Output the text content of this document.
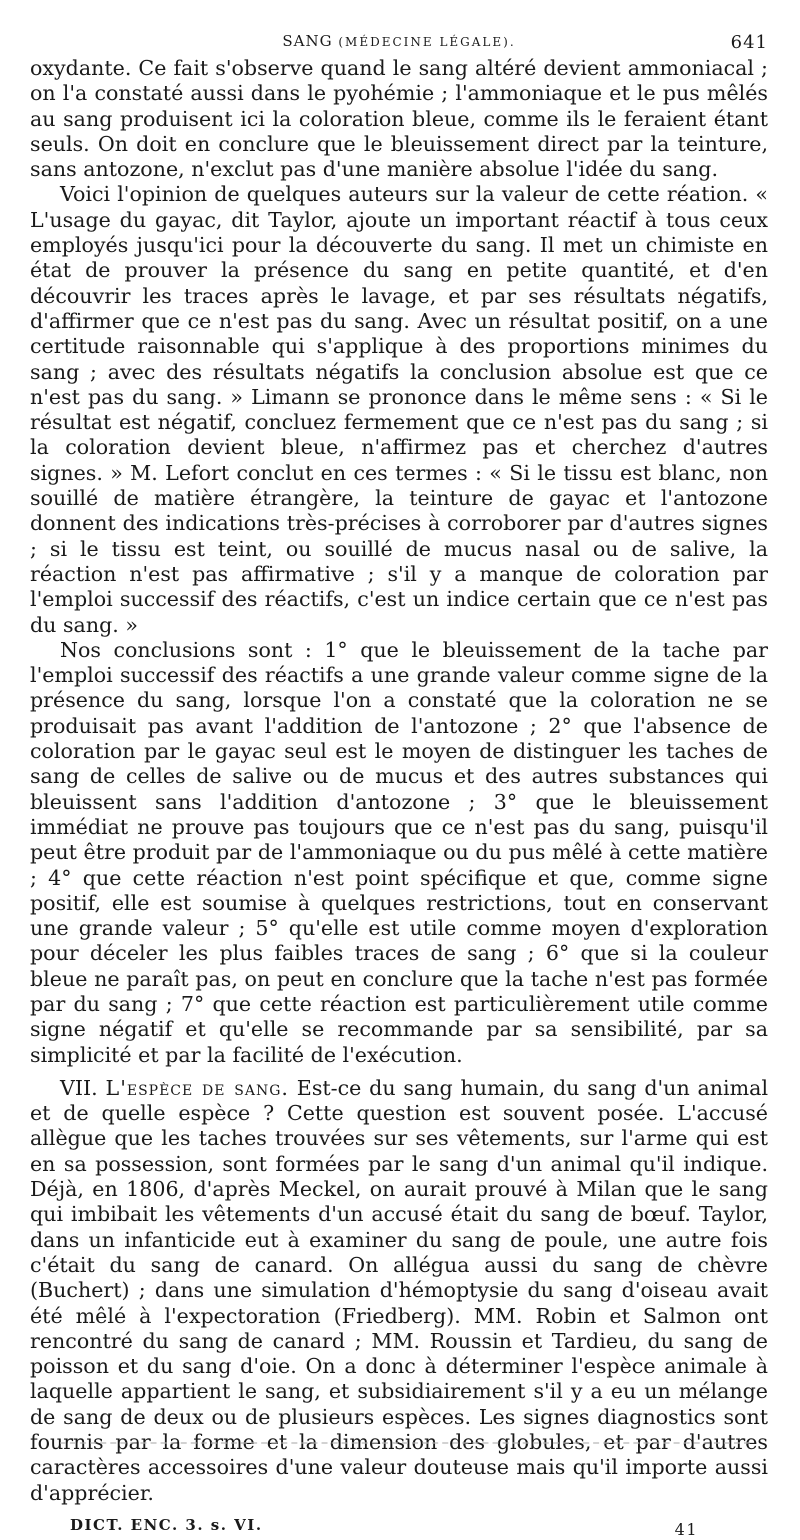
SANG (MÉDECINE LÉGALE).	641

oxydante. Ce fait s'observe quand le sang altéré devient ammoniacal ; on l'a constaté aussi dans le pyohémie ; l'ammoniaque et le pus mêlés au sang produisent ici la coloration bleue, comme ils le feraient étant seuls. On doit en conclure que le bleuissement direct par la teinture, sans antozone, n'exclut pas d'une manière absolue l'idée du sang.

Voici l'opinion de quelques auteurs sur la valeur de cette réation. « L'usage du gayac, dit Taylor, ajoute un important réactif à tous ceux employés jusqu'ici pour la découverte du sang. Il met un chimiste en état de prouver la présence du sang en petite quantité, et d'en découvrir les traces après le lavage, et par ses résultats négatifs, d'affirmer que ce n'est pas du sang. Avec un résultat positif, on a une certitude raisonnable qui s'applique à des proportions minimes du sang ; avec des résultats négatifs la conclusion absolue est que ce n'est pas du sang. » Limann se prononce dans le même sens : « Si le résultat est négatif, concluez fermement que ce n'est pas du sang ; si la coloration devient bleue, n'affirmez pas et cherchez d'autres signes. » M. Lefort conclut en ces termes : « Si le tissu est blanc, non souillé de matière étrangère, la teinture de gayac et l'antozone donnent des indications très-précises à corroborer par d'autres signes ; si le tissu est teint, ou souillé de mucus nasal ou de salive, la réaction n'est pas affirmative ; s'il y a manque de coloration par l'emploi successif des réactifs, c'est un indice certain que ce n'est pas du sang. »

Nos conclusions sont : 1° que le bleuissement de la tache par l'emploi successif des réactifs a une grande valeur comme signe de la présence du sang, lorsque l'on a constaté que la coloration ne se produisait pas avant l'addition de l'antozone ; 2° que l'absence de coloration par le gayac seul est le moyen de distinguer les taches de sang de celles de salive ou de mucus et des autres substances qui bleuissent sans l'addition d'antozone ; 3° que le bleuissement immédiat ne prouve pas toujours que ce n'est pas du sang, puisqu'il peut être produit par de l'ammoniaque ou du pus mêlé à cette matière ; 4° que cette réaction n'est point spécifique et que, comme signe positif, elle est soumise à quelques restrictions, tout en conservant une grande valeur ; 5° qu'elle est utile comme moyen d'exploration pour déceler les plus faibles traces de sang ; 6° que si la couleur bleue ne paraît pas, on peut en conclure que la tache n'est pas formée par du sang ; 7° que cette réaction est particulièrement utile comme signe négatif et qu'elle se recommande par sa sensibilité, par sa simplicité et par la facilité de l'exécution.

VII. L'espèce de sang. Est-ce du sang humain, du sang d'un animal et de quelle espèce ? Cette question est souvent posée. L'accusé allègue que les taches trouvées sur ses vêtements, sur l'arme qui est en sa possession, sont formées par le sang d'un animal qu'il indique. Déjà, en 1806, d'après Meckel, on aurait prouvé à Milan que le sang qui imbibait les vêtements d'un accusé était du sang de bœuf. Taylor, dans un infanticide eut à examiner du sang de poule, une autre fois c'était du sang de canard. On allégua aussi du sang de chèvre (Buchert) ; dans une simulation d'hémoptysie du sang d'oiseau avait été mêlé à l'expectoration (Friedberg). MM. Robin et Salmon ont rencontré du sang de canard ; MM. Roussin et Tardieu, du sang de poisson et du sang d'oie. On a donc à déterminer l'espèce animale à laquelle appartient le sang, et subsidiairement s'il y a eu un mélange de sang de deux ou de plusieurs espèces. Les signes diagnostics sont fournis par la forme et la dimension des globules, et par d'autres caractères accessoires d'une valeur douteuse mais qu'il importe aussi d'apprécier.

DICT. ENC. 3. s. VI.	41
